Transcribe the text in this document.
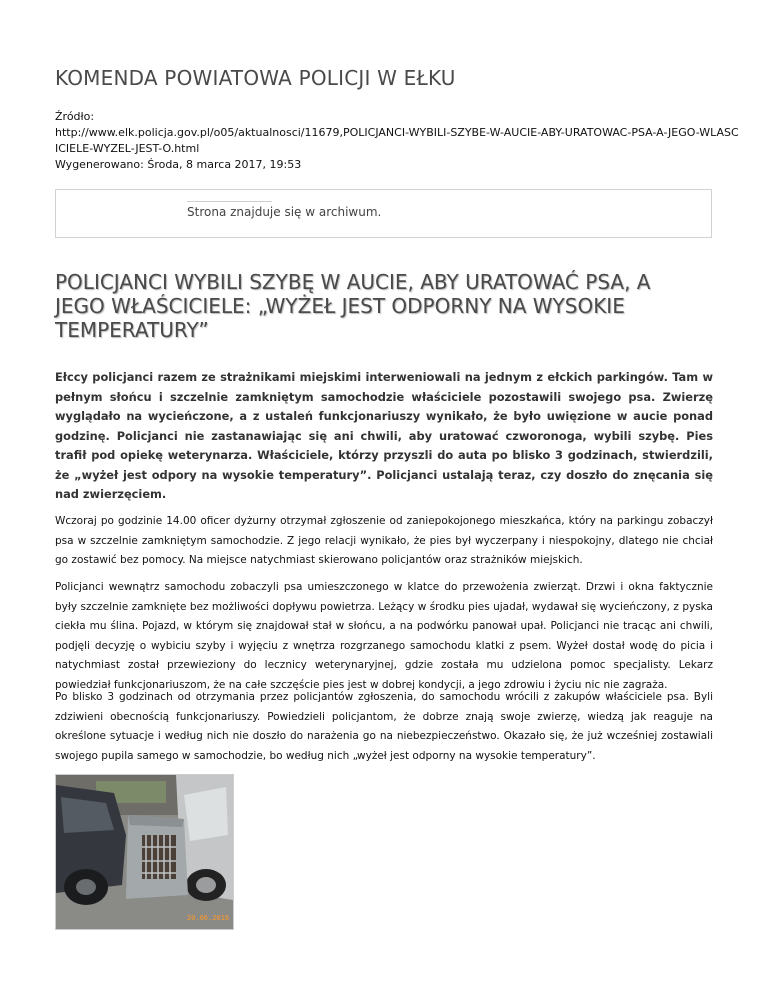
KOMENDA POWIATOWA POLICJI W EŁKU
Źródło:
http://www.elk.policja.gov.pl/o05/aktualnosci/11679,POLICJANCI-WYBILI-SZYBE-W-AUCIE-ABY-URATOWAC-PSA-A-JEGO-WLASC
ICIELE-WYZEL-JEST-O.html
Wygenerowano: Środa, 8 marca 2017, 19:53
Strona znajduje się w archiwum.
POLICJANCI WYBILI SZYBĘ W AUCIE, ABY URATOWAĆ PSA, A
JEGO WŁAŚCICIELE: „WYŻEŁ JEST ODPORNY NA WYSOKIE
TEMPERATURY”

Ełccy policjanci razem ze strażnikami miejskimi interweniowali na jednym z ełckich parkingów. Tam w pełnym słońcu i szczelnie zamkniętym samochodzie właściciele pozostawili swojego psa. Zwierzę wyglądało na wycieńczone, a z ustaleń funkcjonariuszy wynikało, że było uwięzione w aucie ponad godzinę. Policjanci nie zastanawiając się ani chwili, aby uratować czworonoga, wybili szybę. Pies trafił pod opiekę weterynarza. Właściciele, którzy przyszli do auta po blisko 3 godzinach, stwierdzili, że „wyżeł jest odpory na wysokie temperatury”. Policjanci ustalają teraz, czy doszło do znęcania się nad zwierzęciem.

Wczoraj po godzinie 14.00 oficer dyżurny otrzymał zgłoszenie od zaniepokojonego mieszkańca, który na parkingu zobaczył psa w szczelnie zamkniętym samochodzie. Z jego relacji wynikało, że pies był wyczerpany i niespokojny, dlatego nie chciał go zostawić bez pomocy. Na miejsce natychmiast skierowano policjantów oraz strażników miejskich.

Policjanci wewnątrz samochodu zobaczyli psa umieszczonego w klatce do przewożenia zwierząt. Drzwi i okna faktycznie były szczelnie zamknięte bez możliwości dopływu powietrza. Leżący w środku pies ujadał, wydawał się wycieńczony, z pyska ciekła mu ślina. Pojazd, w którym się znajdował stał w słońcu, a na podwórku panował upał. Policjanci nie tracąc ani chwili, podjęli decyzję o wybiciu szyby i wyjęciu z wnętrza rozgrzanego samochodu klatki z psem. Wyżeł dostał wodę do picia i natychmiast został przewieziony do lecznicy weterynaryjnej, gdzie została mu udzielona pomoc specjalisty. Lekarz powiedział funkcjonariuszom, że na całe szczęście pies jest w dobrej kondycji, a jego zdrowiu i życiu nic nie zagraża.

Po blisko 3 godzinach od otrzymania przez policjantów zgłoszenia, do samochodu wrócili z zakupów właściciele psa. Byli zdziwieni obecnością funkcjonariuszy. Powiedzieli policjantom, że dobrze znają swoje zwierzę, wiedzą jak reaguje na określone sytuacje i według nich nie doszło do narażenia go na niebezpieczeństwo. Okazało się, że już wcześniej zostawiali swojego pupila samego w samochodzie, bo według nich „wyżeł jest odporny na wysokie temperatury”.

20.06.2016
